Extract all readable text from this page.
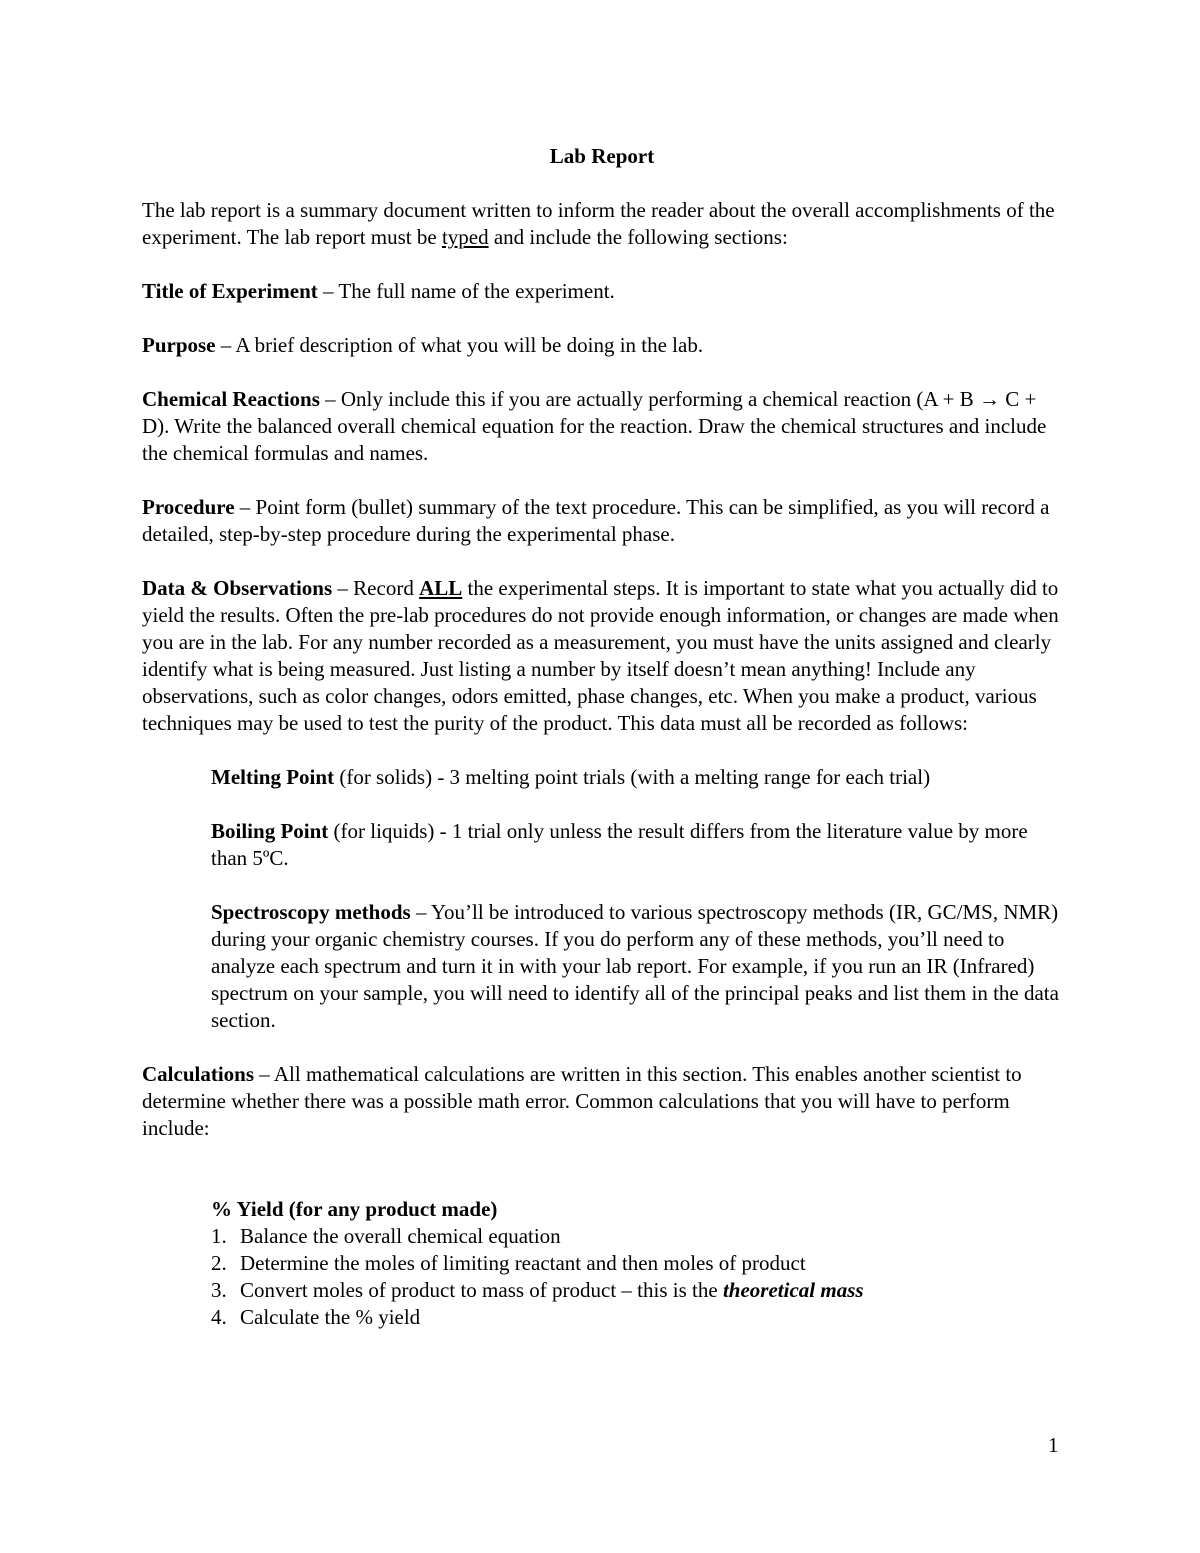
Lab Report

The lab report is a summary document written to inform the reader about the overall accomplishments of the experiment. The lab report must be typed and include the following sections:

Title of Experiment – The full name of the experiment.

Purpose – A brief description of what you will be doing in the lab.

Chemical Reactions – Only include this if you are actually performing a chemical reaction (A + B → C + D). Write the balanced overall chemical equation for the reaction. Draw the chemical structures and include the chemical formulas and names.

Procedure – Point form (bullet) summary of the text procedure. This can be simplified, as you will record a detailed, step-by-step procedure during the experimental phase.

Data & Observations – Record ALL the experimental steps. It is important to state what you actually did to yield the results. Often the pre-lab procedures do not provide enough information, or changes are made when you are in the lab. For any number recorded as a measurement, you must have the units assigned and clearly identify what is being measured. Just listing a number by itself doesn’t mean anything! Include any observations, such as color changes, odors emitted, phase changes, etc. When you make a product, various techniques may be used to test the purity of the product. This data must all be recorded as follows:

Melting Point (for solids) - 3 melting point trials (with a melting range for each trial)

Boiling Point (for liquids) - 1 trial only unless the result differs from the literature value by more than 5ºC.

Spectroscopy methods – You’ll be introduced to various spectroscopy methods (IR, GC/MS, NMR) during your organic chemistry courses. If you do perform any of these methods, you’ll need to analyze each spectrum and turn it in with your lab report. For example, if you run an IR (Infrared) spectrum on your sample, you will need to identify all of the principal peaks and list them in the data section.

Calculations – All mathematical calculations are written in this section. This enables another scientist to determine whether there was a possible math error. Common calculations that you will have to perform include:

% Yield (for any product made)

1. Balance the overall chemical equation
2. Determine the moles of limiting reactant and then moles of product
3. Convert moles of product to mass of product – this is the theoretical mass
4. Calculate the % yield
1
